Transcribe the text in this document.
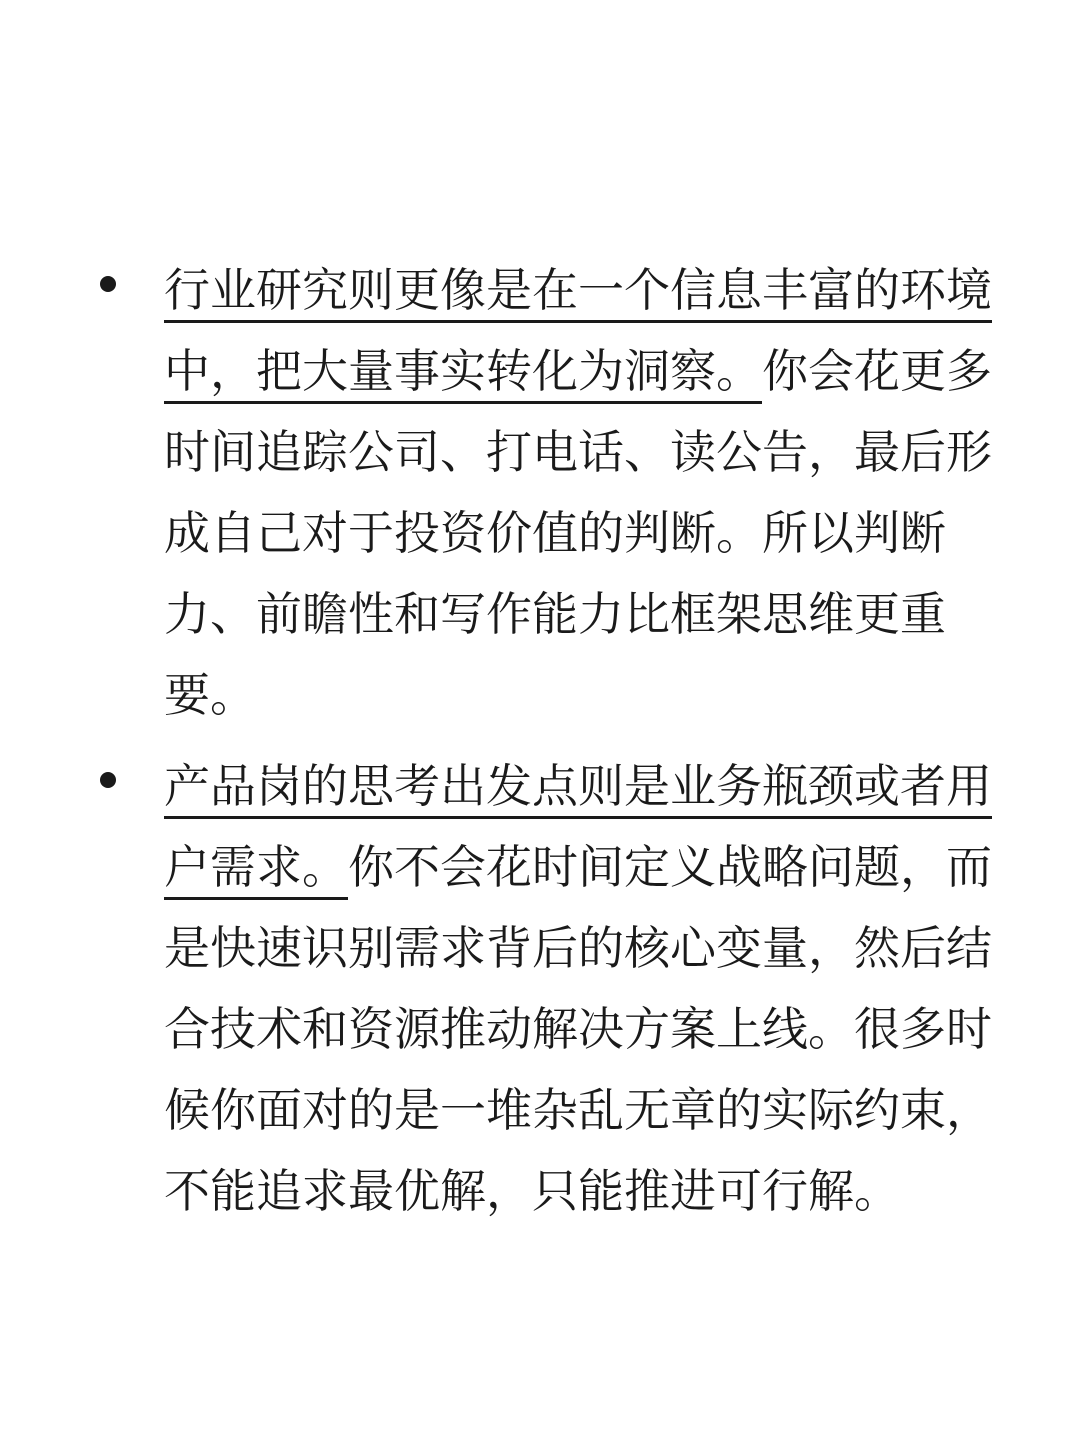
行业研究则更像是在一个信息丰富的环境中，把大量事实转化为洞察。你会花更多时间追踪公司、打电话、读公告，最后形成自己对于投资价值的判断。所以判断力、前瞻性和写作能力比框架思维更重要。

产品岗的思考出发点则是业务瓶颈或者用户需求。你不会花时间定义战略问题，而是快速识别需求背后的核心变量，然后结合技术和资源推动解决方案上线。很多时候你面对的是一堆杂乱无章的实际约束，不能追求最优解，只能推进可行解。
